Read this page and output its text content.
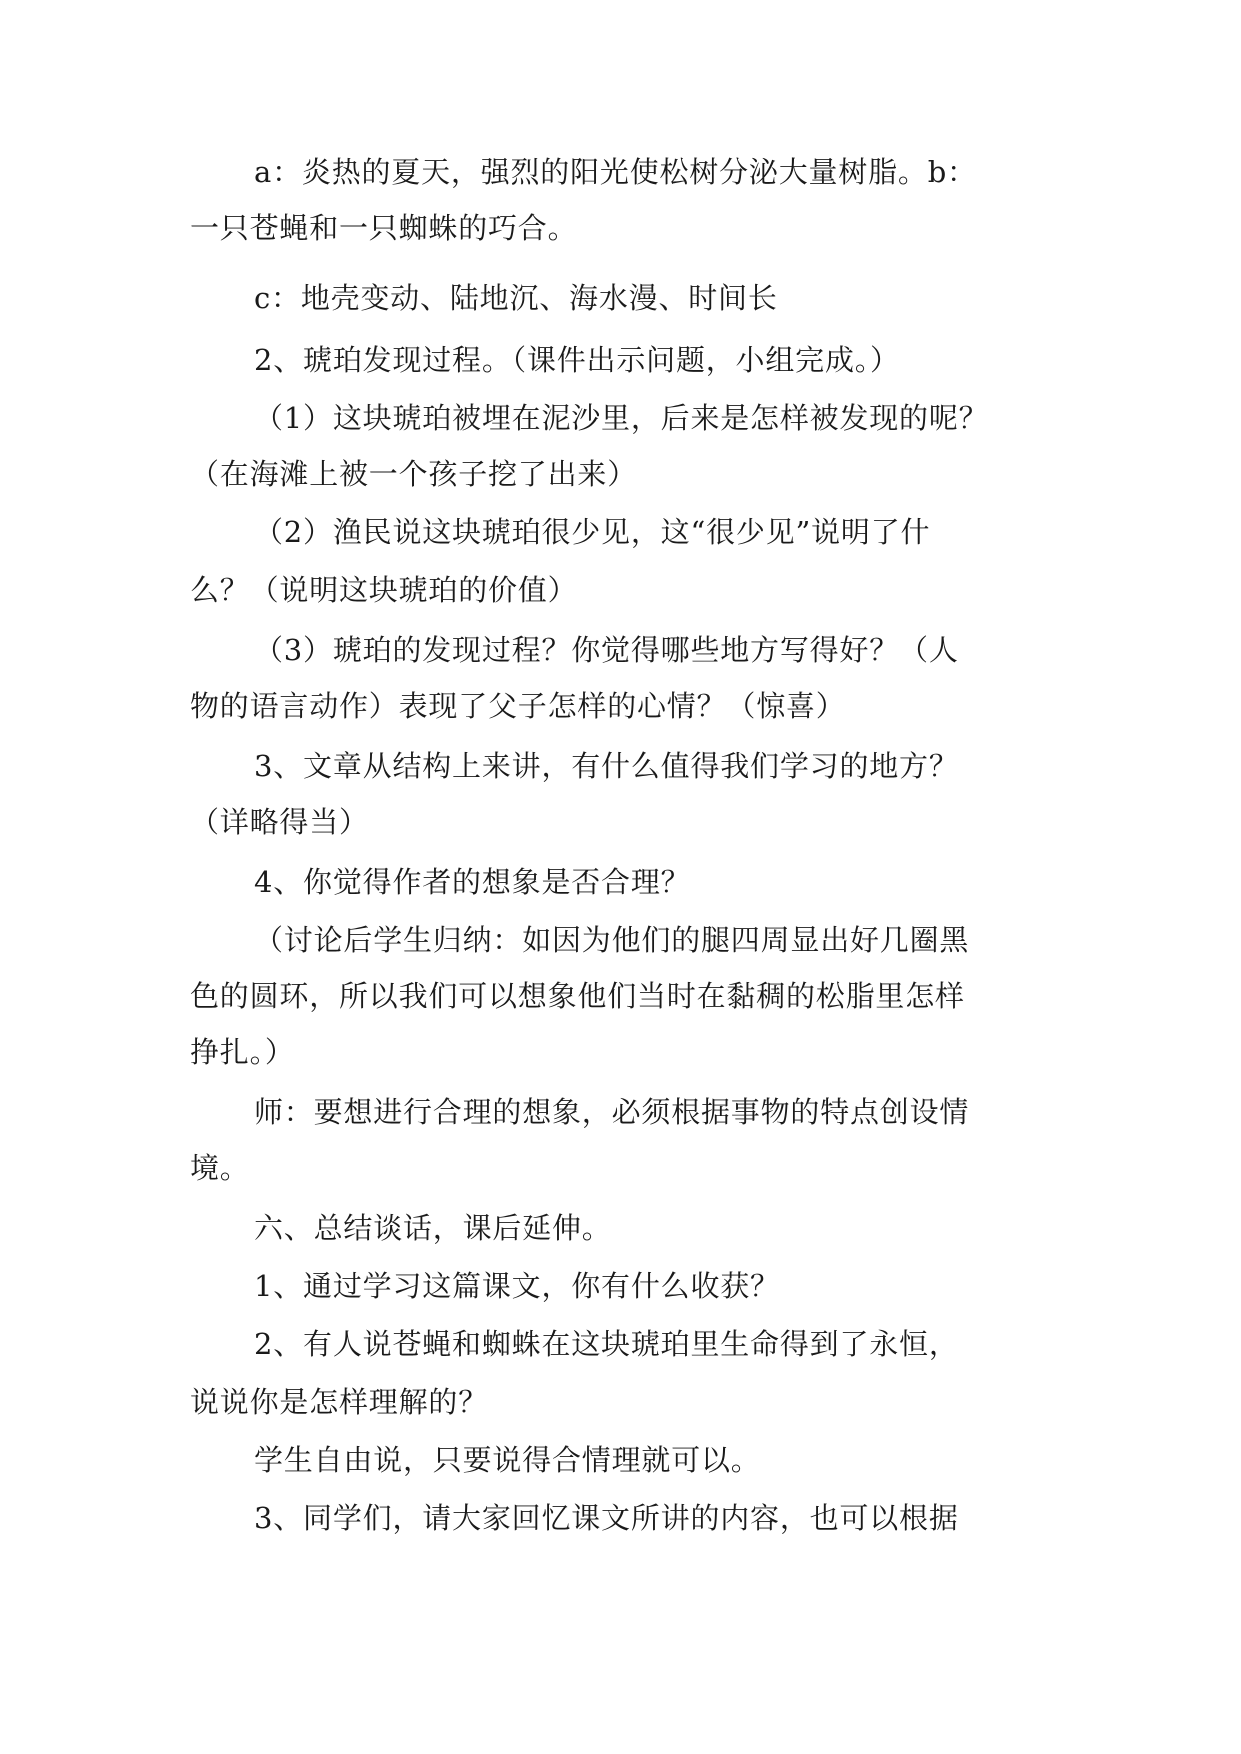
a：炎热的夏天，强烈的阳光使松树分泌大量树脂。b：

一只苍蝇和一只蜘蛛的巧合。

c：地壳变动、陆地沉、海水漫、时间长

2、琥珀发现过程。（课件出示问题，小组完成。）

（1）这块琥珀被埋在泥沙里，后来是怎样被发现的呢？

（在海滩上被一个孩子挖了出来）

（2）渔民说这块琥珀很少见，这“很少见”说明了什

么？（说明这块琥珀的价值）

（3）琥珀的发现过程？你觉得哪些地方写得好？（人

物的语言动作）表现了父子怎样的心情？（惊喜）

3、文章从结构上来讲，有什么值得我们学习的地方？

（详略得当）

4、你觉得作者的想象是否合理？

（讨论后学生归纳：如因为他们的腿四周显出好几圈黑

色的圆环，所以我们可以想象他们当时在黏稠的松脂里怎样

挣扎。）

师：要想进行合理的想象，必须根据事物的特点创设情

境。

六、总结谈话，课后延伸。

1、通过学习这篇课文，你有什么收获？

2、有人说苍蝇和蜘蛛在这块琥珀里生命得到了永恒，

说说你是怎样理解的？

学生自由说，只要说得合情理就可以。

3、同学们，请大家回忆课文所讲的内容，也可以根据
